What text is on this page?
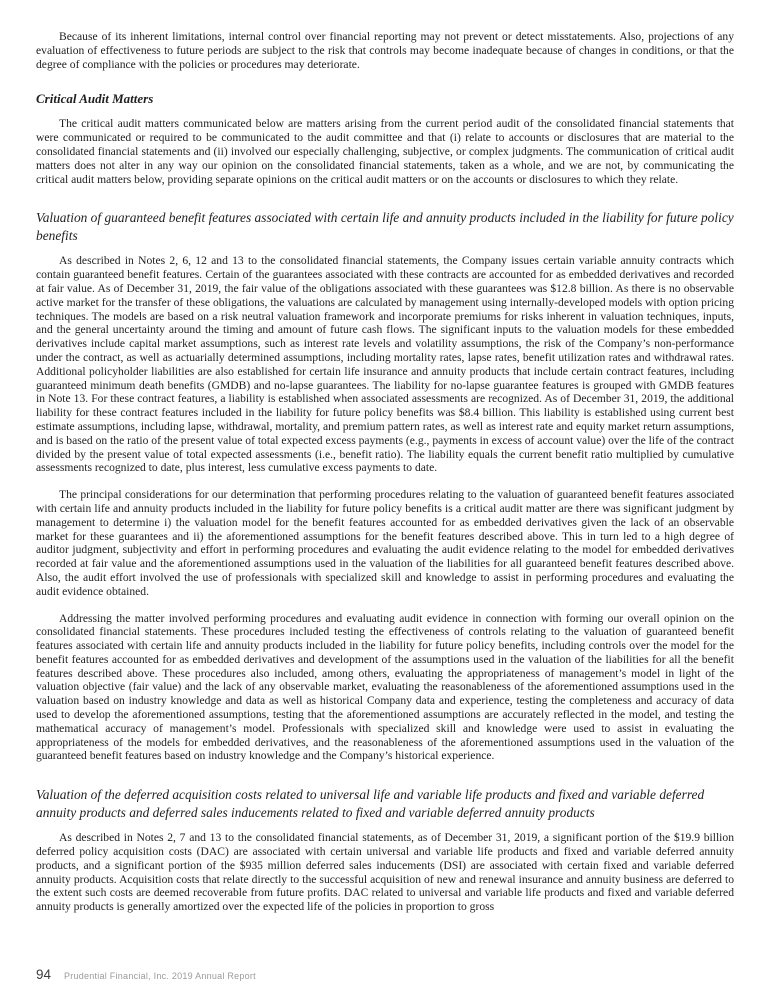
Because of its inherent limitations, internal control over financial reporting may not prevent or detect misstatements. Also, projections of any evaluation of effectiveness to future periods are subject to the risk that controls may become inadequate because of changes in conditions, or that the degree of compliance with the policies or procedures may deteriorate.

Critical Audit Matters

The critical audit matters communicated below are matters arising from the current period audit of the consolidated financial statements that were communicated or required to be communicated to the audit committee and that (i) relate to accounts or disclosures that are material to the consolidated financial statements and (ii) involved our especially challenging, subjective, or complex judgments. The communication of critical audit matters does not alter in any way our opinion on the consolidated financial statements, taken as a whole, and we are not, by communicating the critical audit matters below, providing separate opinions on the critical audit matters or on the accounts or disclosures to which they relate.

Valuation of guaranteed benefit features associated with certain life and annuity products included in the liability for future policy benefits

As described in Notes 2, 6, 12 and 13 to the consolidated financial statements, the Company issues certain variable annuity contracts which contain guaranteed benefit features. Certain of the guarantees associated with these contracts are accounted for as embedded derivatives and recorded at fair value. As of December 31, 2019, the fair value of the obligations associated with these guarantees was $12.8 billion. As there is no observable active market for the transfer of these obligations, the valuations are calculated by management using internally-developed models with option pricing techniques. The models are based on a risk neutral valuation framework and incorporate premiums for risks inherent in valuation techniques, inputs, and the general uncertainty around the timing and amount of future cash flows. The significant inputs to the valuation models for these embedded derivatives include capital market assumptions, such as interest rate levels and volatility assumptions, the risk of the Company’s non-performance under the contract, as well as actuarially determined assumptions, including mortality rates, lapse rates, benefit utilization rates and withdrawal rates. Additional policyholder liabilities are also established for certain life insurance and annuity products that include certain contract features, including guaranteed minimum death benefits (GMDB) and no-lapse guarantees. The liability for no-lapse guarantee features is grouped with GMDB features in Note 13. For these contract features, a liability is established when associated assessments are recognized. As of December 31, 2019, the additional liability for these contract features included in the liability for future policy benefits was $8.4 billion. This liability is established using current best estimate assumptions, including lapse, withdrawal, mortality, and premium pattern rates, as well as interest rate and equity market return assumptions, and is based on the ratio of the present value of total expected excess payments (e.g., payments in excess of account value) over the life of the contract divided by the present value of total expected assessments (i.e., benefit ratio). The liability equals the current benefit ratio multiplied by cumulative assessments recognized to date, plus interest, less cumulative excess payments to date.

The principal considerations for our determination that performing procedures relating to the valuation of guaranteed benefit features associated with certain life and annuity products included in the liability for future policy benefits is a critical audit matter are there was significant judgment by management to determine i) the valuation model for the benefit features accounted for as embedded derivatives given the lack of an observable market for these guarantees and ii) the aforementioned assumptions for the benefit features described above. This in turn led to a high degree of auditor judgment, subjectivity and effort in performing procedures and evaluating the audit evidence relating to the model for embedded derivatives recorded at fair value and the aforementioned assumptions used in the valuation of the liabilities for all guaranteed benefit features described above. Also, the audit effort involved the use of professionals with specialized skill and knowledge to assist in performing procedures and evaluating the audit evidence obtained.

Addressing the matter involved performing procedures and evaluating audit evidence in connection with forming our overall opinion on the consolidated financial statements. These procedures included testing the effectiveness of controls relating to the valuation of guaranteed benefit features associated with certain life and annuity products included in the liability for future policy benefits, including controls over the model for the benefit features accounted for as embedded derivatives and development of the assumptions used in the valuation of the liabilities for all the benefit features described above. These procedures also included, among others, evaluating the appropriateness of management’s model in light of the valuation objective (fair value) and the lack of any observable market, evaluating the reasonableness of the aforementioned assumptions used in the valuation based on industry knowledge and data as well as historical Company data and experience, testing the completeness and accuracy of data used to develop the aforementioned assumptions, testing that the aforementioned assumptions are accurately reflected in the model, and testing the mathematical accuracy of management’s model. Professionals with specialized skill and knowledge were used to assist in evaluating the appropriateness of the models for embedded derivatives, and the reasonableness of the aforementioned assumptions used in the valuation of the guaranteed benefit features based on industry knowledge and the Company’s historical experience.

Valuation of the deferred acquisition costs related to universal life and variable life products and fixed and variable deferred annuity products and deferred sales inducements related to fixed and variable deferred annuity products

As described in Notes 2, 7 and 13 to the consolidated financial statements, as of December 31, 2019, a significant portion of the $19.9 billion deferred policy acquisition costs (DAC) are associated with certain universal and variable life products and fixed and variable deferred annuity products, and a significant portion of the $935 million deferred sales inducements (DSI) are associated with certain fixed and variable deferred annuity products. Acquisition costs that relate directly to the successful acquisition of new and renewal insurance and annuity business are deferred to the extent such costs are deemed recoverable from future profits. DAC related to universal and variable life products and fixed and variable deferred annuity products is generally amortized over the expected life of the policies in proportion to gross

94 Prudential Financial, Inc. 2019 Annual Report
